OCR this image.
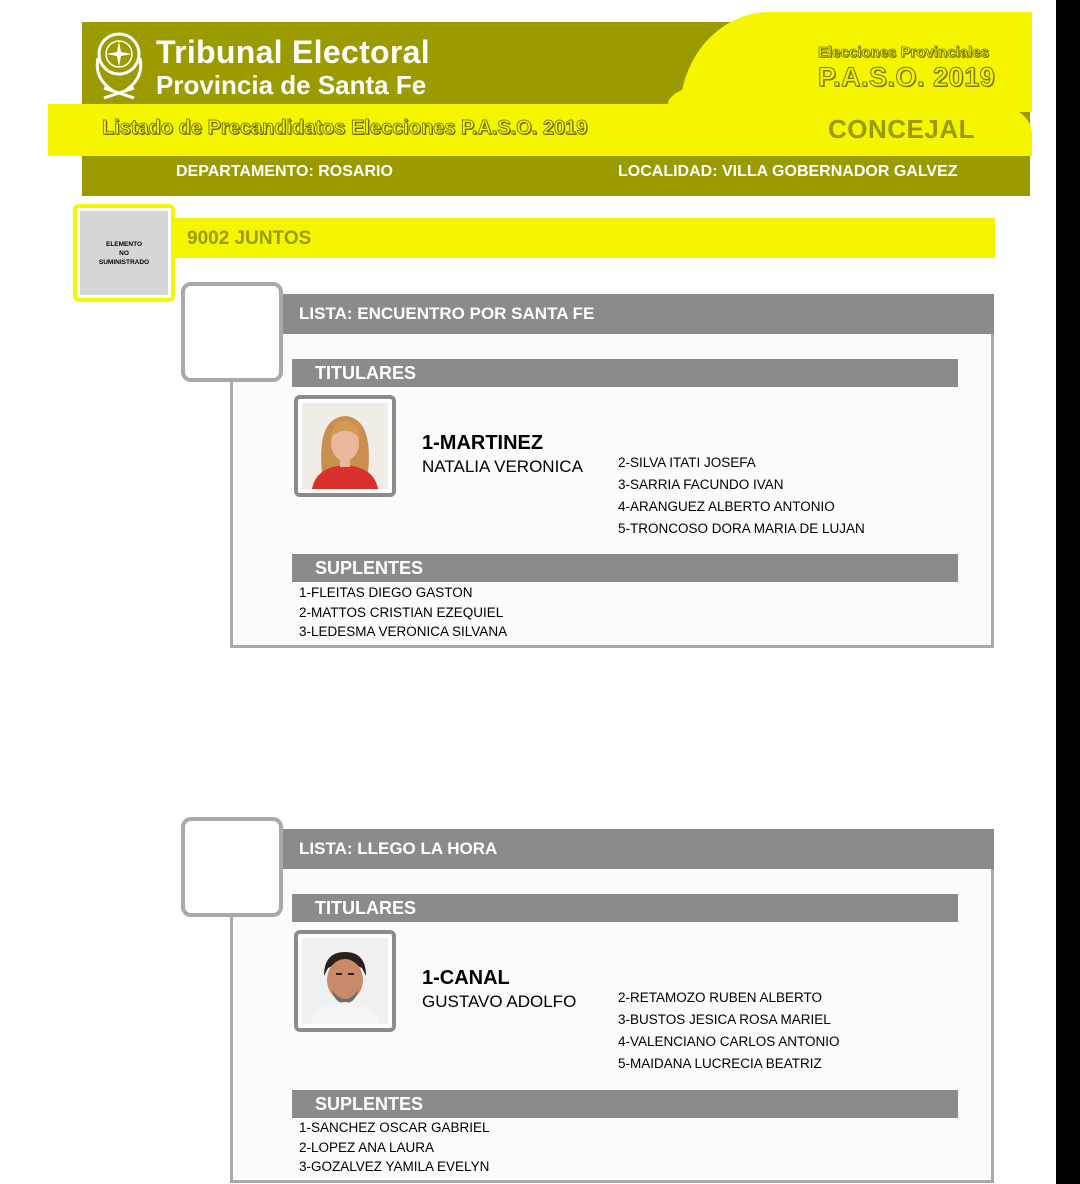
Tribunal Electoral
Provincia de Santa Fe
Elecciones Provinciales
P.A.S.O. 2019
Listado de Precandidatos Elecciones P.A.S.O. 2019	CONCEJAL
DEPARTAMENTO: ROSARIO	LOCALIDAD: VILLA GOBERNADOR GALVEZ
9002 JUNTOS
ELEMENTO
NO
SUMINISTRADO
LISTA: ENCUENTRO POR SANTA FE
TITULARES
1-MARTINEZ
NATALIA VERONICA	2-SILVA ITATI JOSEFA
3-SARRIA FACUNDO IVAN
4-ARANGUEZ ALBERTO ANTONIO
5-TRONCOSO DORA MARIA DE LUJAN
SUPLENTES
1-FLEITAS DIEGO GASTON
2-MATTOS CRISTIAN EZEQUIEL
3-LEDESMA VERONICA SILVANA
LISTA: LLEGO LA HORA
TITULARES
1-CANAL
GUSTAVO ADOLFO	2-RETAMOZO RUBEN ALBERTO
3-BUSTOS JESICA ROSA MARIEL
4-VALENCIANO CARLOS ANTONIO
5-MAIDANA LUCRECIA BEATRIZ
SUPLENTES
1-SANCHEZ OSCAR GABRIEL
2-LOPEZ ANA LAURA
3-GOZALVEZ YAMILA EVELYN
